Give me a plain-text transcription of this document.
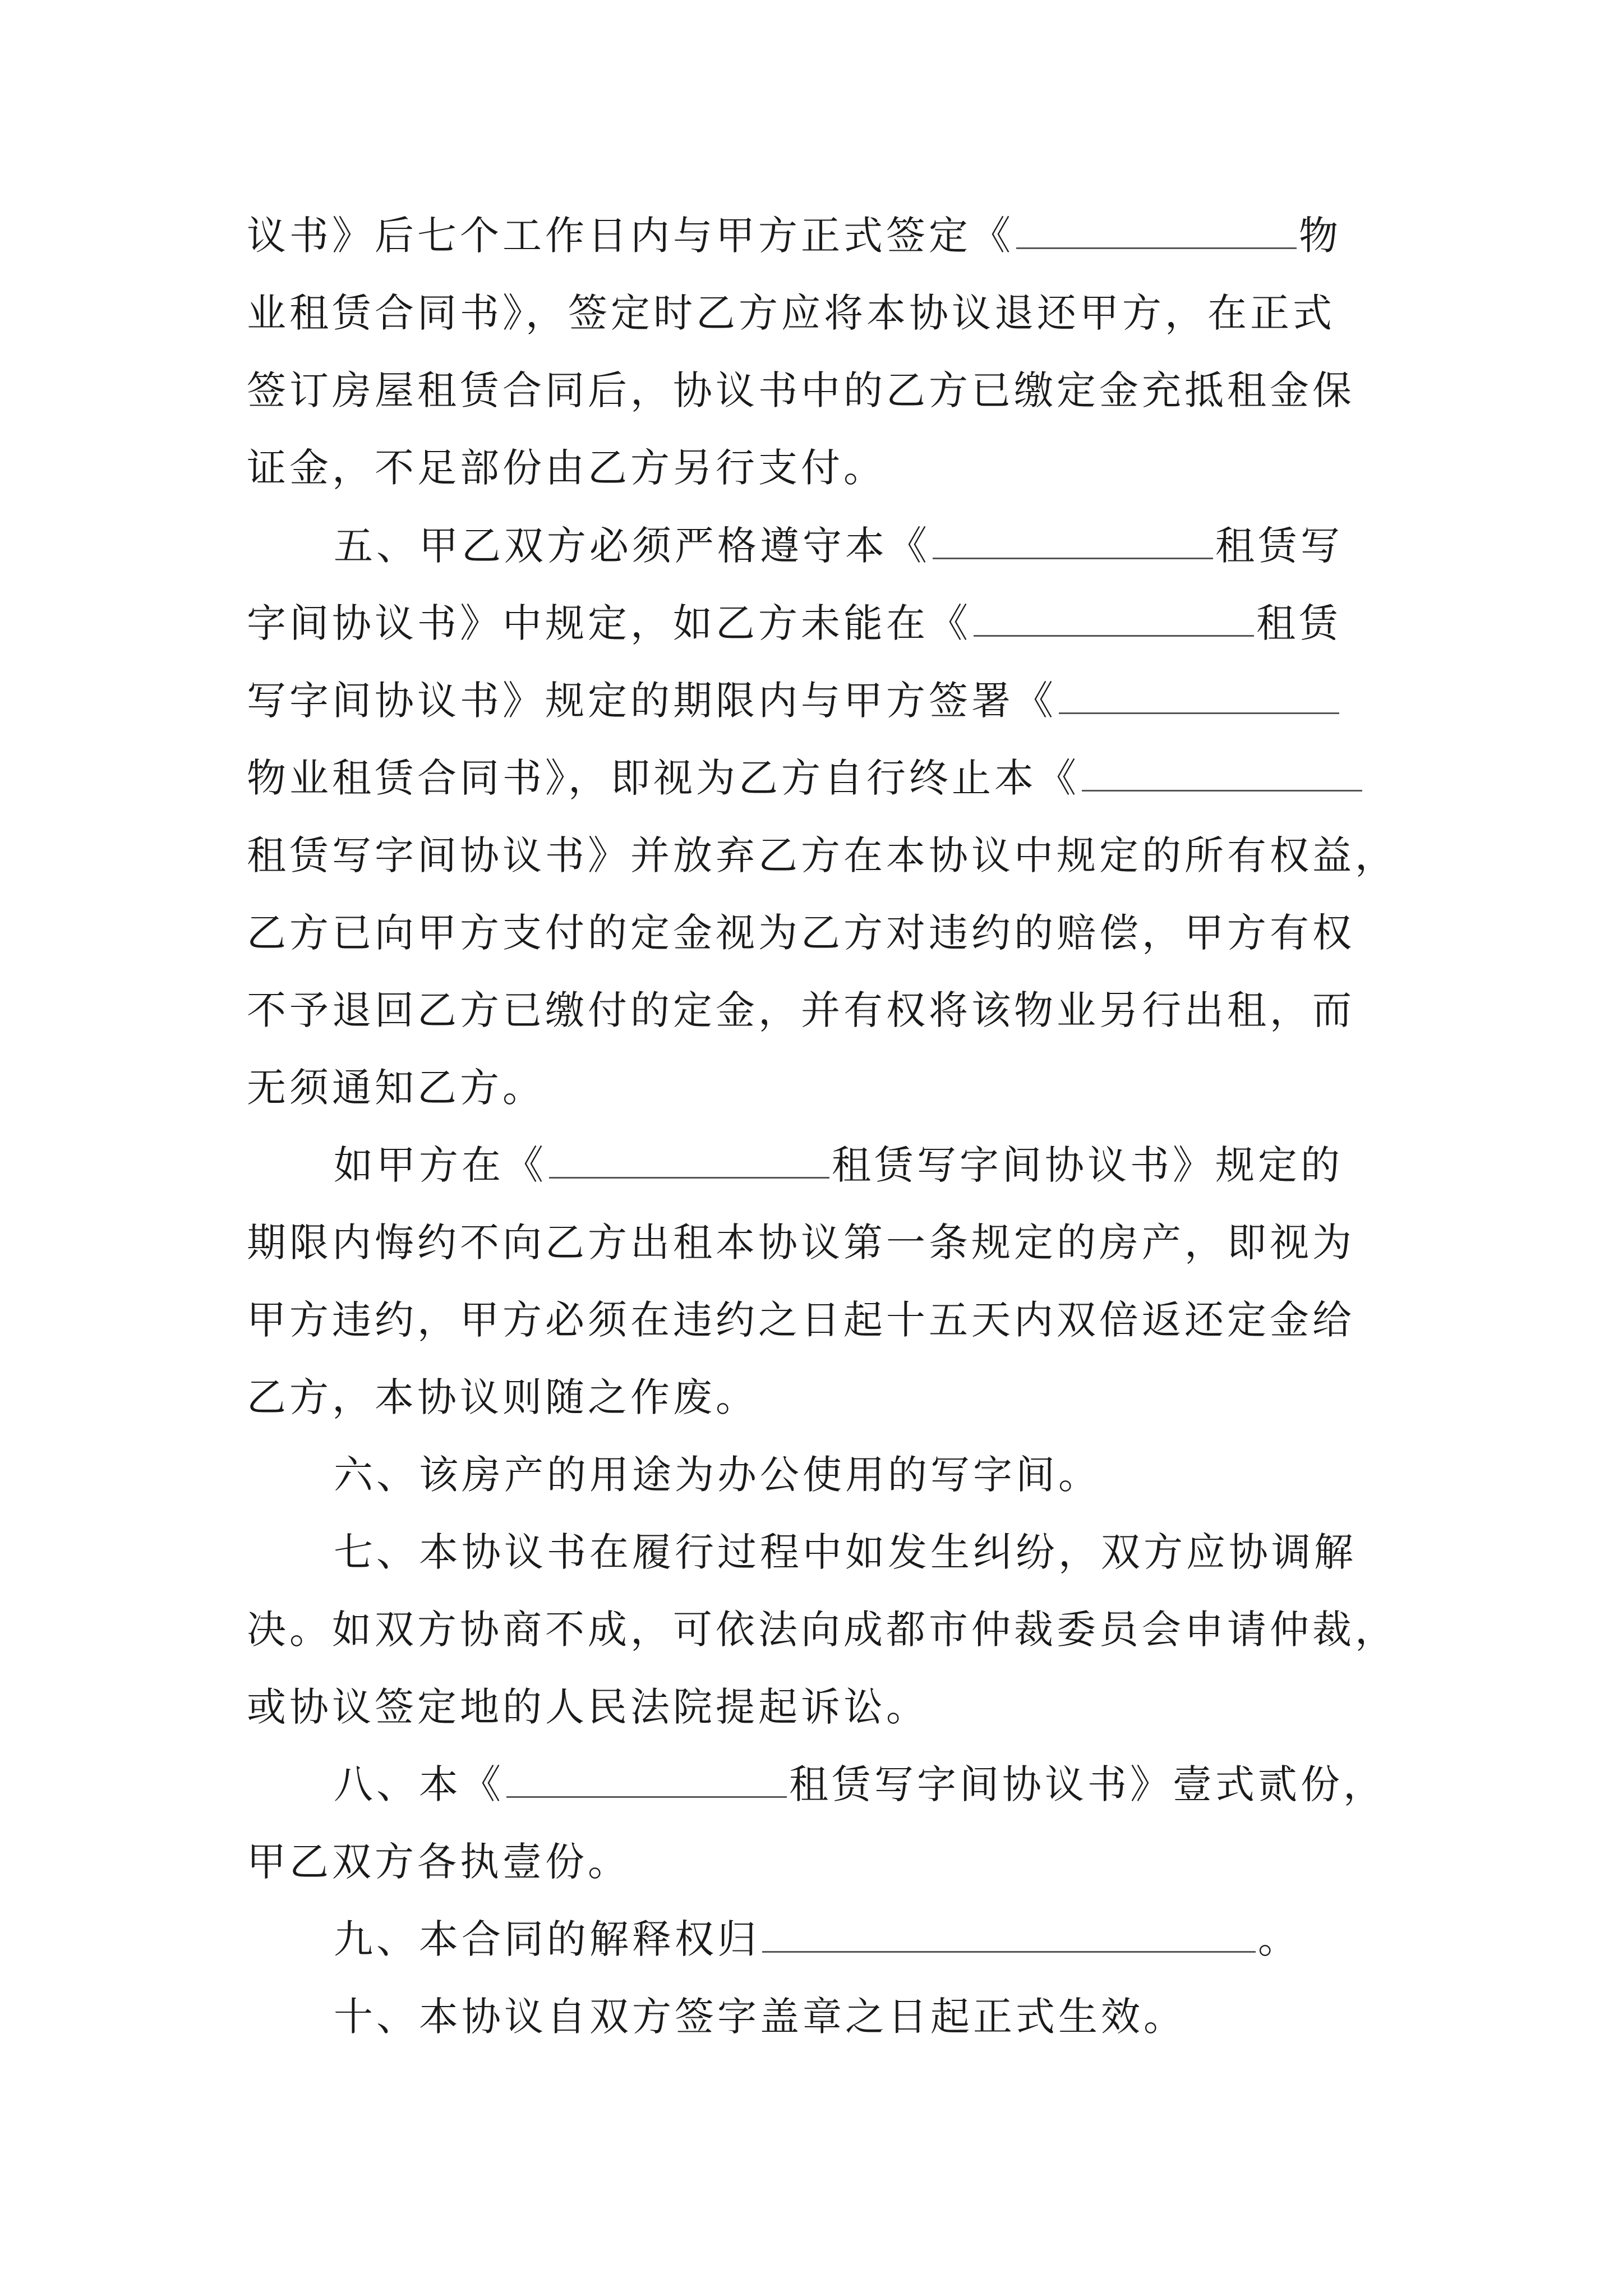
议书》后七个工作日内与甲方正式签定《	物
业租赁合同书》，签定时乙方应将本协议退还甲方，在正式
签订房屋租赁合同后，协议书中的乙方已缴定金充抵租金保
证金，不足部份由乙方另行支付。
五、甲乙双方必须严格遵守本《	租赁写
字间协议书》中规定，如乙方未能在《	租赁
写字间协议书》规定的期限内与甲方签署《
物业租赁合同书》，即视为乙方自行终止本《
租赁写字间协议书》并放弃乙方在本协议中规定的所有权益，
乙方已向甲方支付的定金视为乙方对违约的赔偿，甲方有权
不予退回乙方已缴付的定金，并有权将该物业另行出租，而
无须通知乙方。
如甲方在《	租赁写字间协议书》规定的
期限内悔约不向乙方出租本协议第一条规定的房产，即视为
甲方违约，甲方必须在违约之日起十五天内双倍返还定金给
乙方，本协议则随之作废。
六、该房产的用途为办公使用的写字间。
七、本协议书在履行过程中如发生纠纷，双方应协调解
决。如双方协商不成，可依法向成都市仲裁委员会申请仲裁，
或协议签定地的人民法院提起诉讼。
八、本《	租赁写字间协议书》壹式贰份，
甲乙双方各执壹份。
九、本合同的解释权归	。
十、本协议自双方签字盖章之日起正式生效。
